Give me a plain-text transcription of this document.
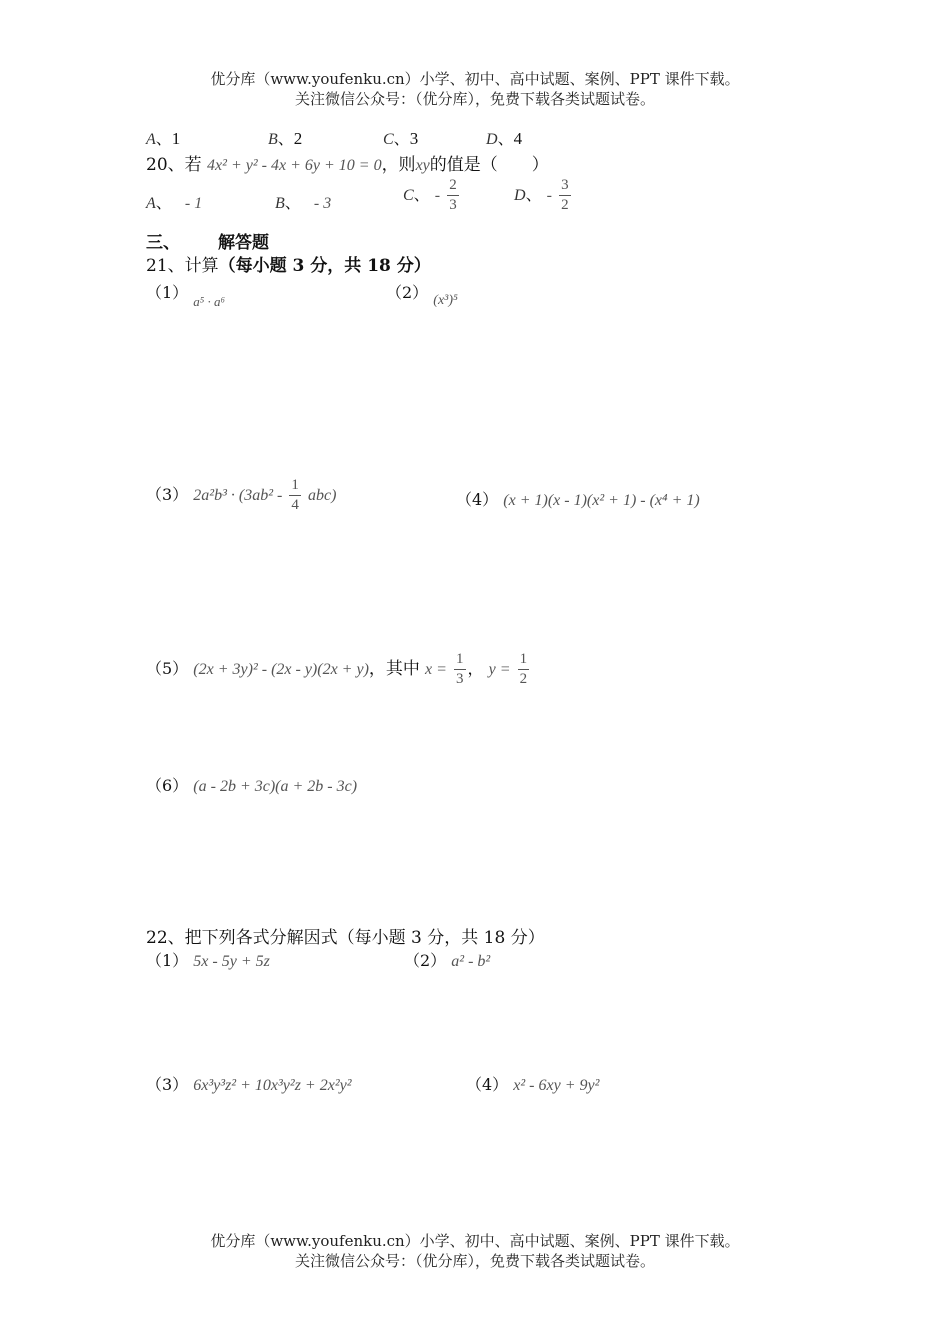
优分库（www.youfenku.cn）小学、初中、高中试题、案例、PPT 课件下载。
关注微信公众号：（优分库），免费下载各类试题试卷。
A、1	B、2	C、3	D、4
20、若 4x² + y² - 4x + 6y + 10 = 0，则xy的值是（　　）
A、 - 1	B、 - 3	C、 - $\frac{2}{3}$	D、 - $\frac{3}{2}$
三、 解答题
21、计算（每小题 3 分，共 18 分）
（1） $_{a^5 \cdot a^6}$	（2） (x³)⁵
（3） $2a^2b^3 \cdot (3ab^2 - \frac{1}{4} abc)$	（4） (x + 1)(x - 1)(x² + 1) - (x⁴ + 1)
（5） (2x + 3y)² - (2x - y)(2x + y)，其中 $x = \frac{1}{3}$ ， $y = \frac{1}{2}$
（6） (a - 2b + 3c)(a + 2b - 3c)
22、把下列各式分解因式（每小题 3 分，共 18 分）
（1） 5x - 5y + 5z	（2） a² - b²
（3） 6x³y³z² + 10x³y²z + 2x²y²	（4） x² - 6xy + 9y²
优分库（www.youfenku.cn）小学、初中、高中试题、案例、PPT 课件下载。
关注微信公众号：（优分库），免费下载各类试题试卷。
